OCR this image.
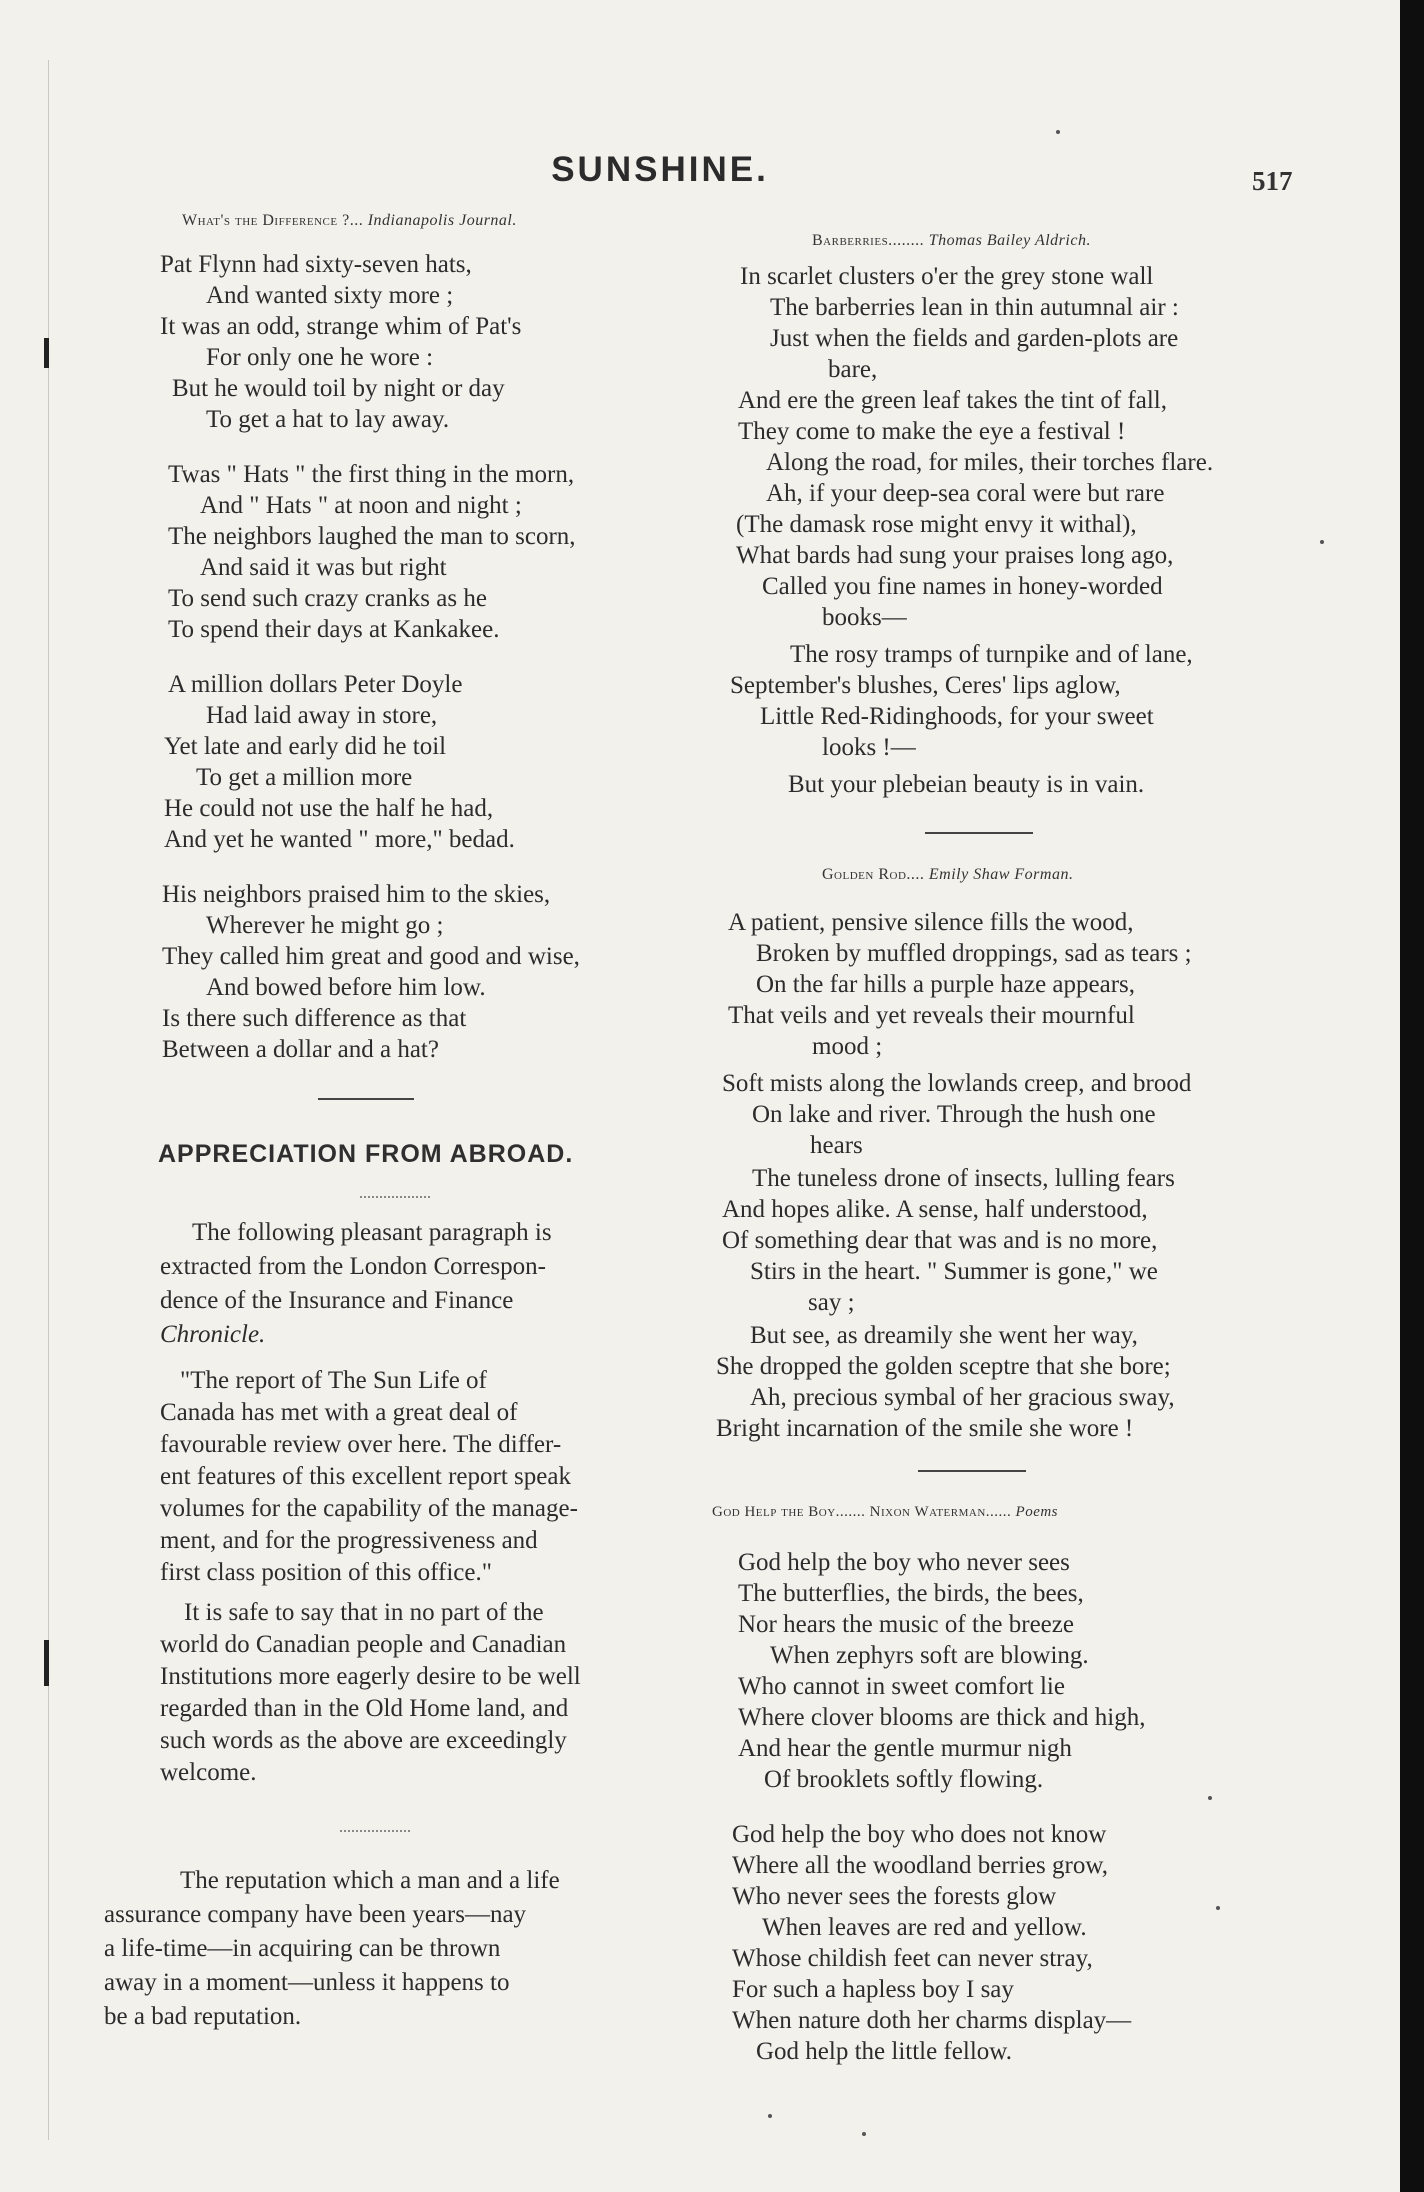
SUNSHINE.	517
What's the Difference ?... Indianapolis Journal.
Pat Flynn had sixty-seven hats,
And wanted sixty more ;
It was an odd, strange whim of Pat's
For only one he wore :
But he would toil by night or day
To get a hat to lay away.
Twas " Hats " the first thing in the morn,
And " Hats " at noon and night ;
The neighbors laughed the man to scorn,
And said it was but right
To send such crazy cranks as he
To spend their days at Kankakee.
A million dollars Peter Doyle
Had laid away in store,
Yet late and early did he toil
To get a million more
He could not use the half he had,
And yet he wanted " more," bedad.
His neighbors praised him to the skies,
Wherever he might go ;
They called him great and good and wise,
And bowed before him low.
Is there such difference as that
Between a dollar and a hat?
APPRECIATION FROM ABROAD.
The following pleasant paragraph is
extracted from the London Correspon-
dence of the Insurance and Finance
Chronicle.
"The report of The Sun Life of
Canada has met with a great deal of
favourable review over here. The differ-
ent features of this excellent report speak
volumes for the capability of the manage-
ment, and for the progressiveness and
first class position of this office."
It is safe to say that in no part of the
world do Canadian people and Canadian
Institutions more eagerly desire to be well
regarded than in the Old Home land, and
such words as the above are exceedingly
welcome.
The reputation which a man and a life
assurance company have been years—nay
a life-time—in acquiring can be thrown
away in a moment—unless it happens to
be a bad reputation.
Barberries........ Thomas Bailey Aldrich.
In scarlet clusters o'er the grey stone wall
The barberries lean in thin autumnal air :
Just when the fields and garden-plots are
bare,
And ere the green leaf takes the tint of fall,
They come to make the eye a festival !
Along the road, for miles, their torches flare.
Ah, if your deep-sea coral were but rare
(The damask rose might envy it withal),
What bards had sung your praises long ago,
Called you fine names in honey-worded
books—
The rosy tramps of turnpike and of lane,
September's blushes, Ceres' lips aglow,
Little Red-Ridinghoods, for your sweet
looks !—
But your plebeian beauty is in vain.
Golden Rod.... Emily Shaw Forman.
A patient, pensive silence fills the wood,
Broken by muffled droppings, sad as tears ;
On the far hills a purple haze appears,
That veils and yet reveals their mournful
mood ;
Soft mists along the lowlands creep, and brood
On lake and river. Through the hush one
hears
The tuneless drone of insects, lulling fears
And hopes alike. A sense, half understood,
Of something dear that was and is no more,
Stirs in the heart. " Summer is gone," we
say ;
But see, as dreamily she went her way,
She dropped the golden sceptre that she bore;
Ah, precious symbal of her gracious sway,
Bright incarnation of the smile she wore !
God Help the Boy....... Nixon Waterman...... Poems
God help the boy who never sees
The butterflies, the birds, the bees,
Nor hears the music of the breeze
When zephyrs soft are blowing.
Who cannot in sweet comfort lie
Where clover blooms are thick and high,
And hear the gentle murmur nigh
Of brooklets softly flowing.
God help the boy who does not know
Where all the woodland berries grow,
Who never sees the forests glow
When leaves are red and yellow.
Whose childish feet can never stray,
For such a hapless boy I say
When nature doth her charms display—
God help the little fellow.
